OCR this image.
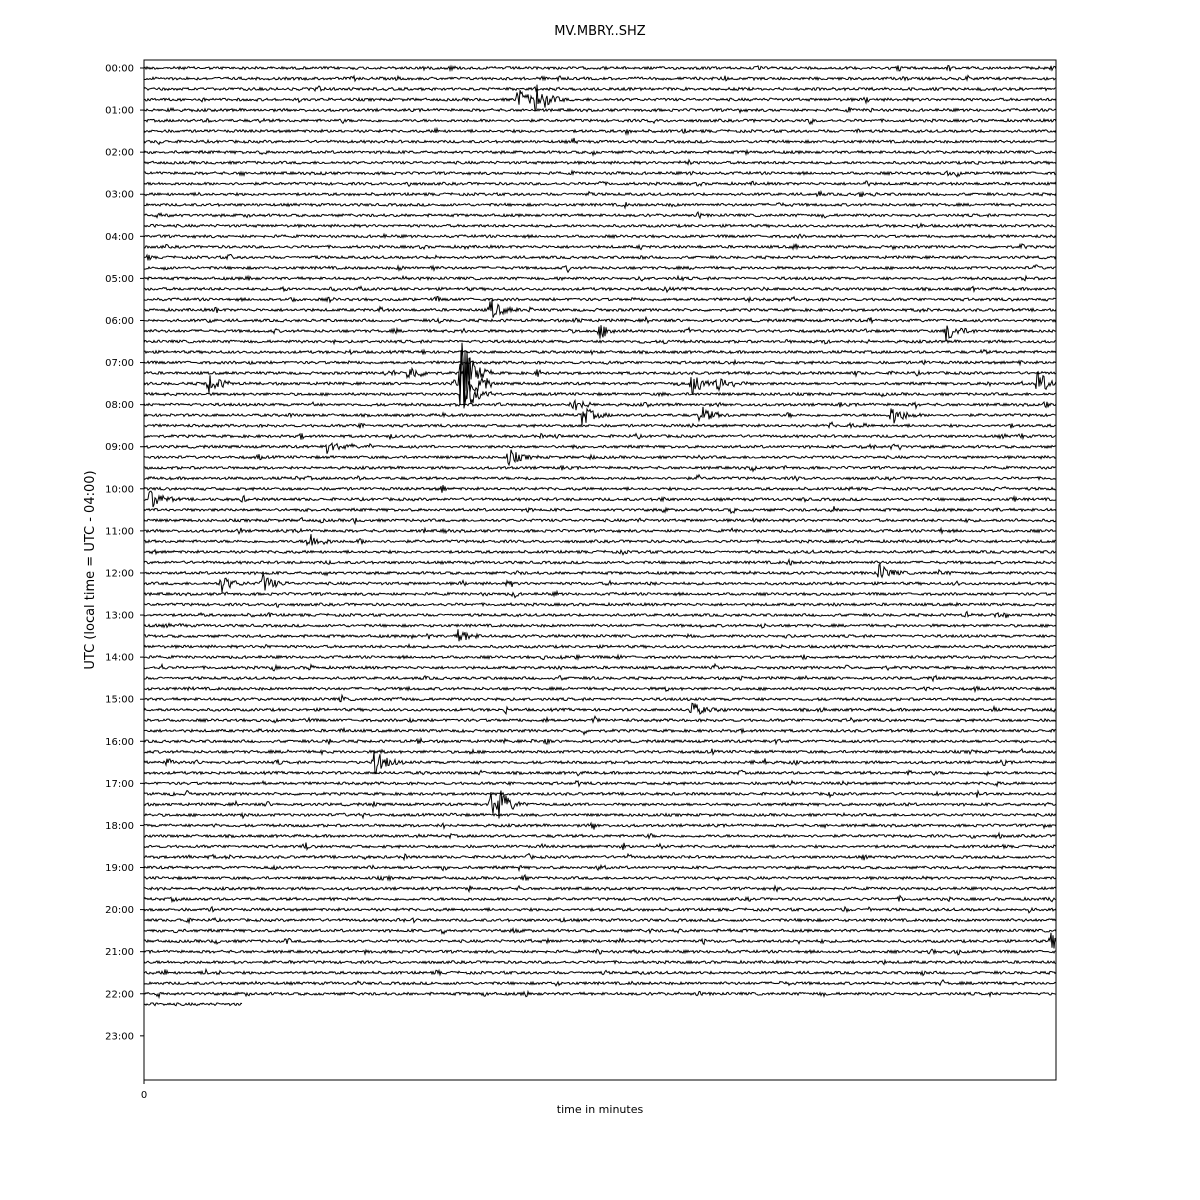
MV.MBRY..SHZ
00:00
01:00
02:00
03:00
04:00
05:00
06:00
07:00
08:00
09:00
10:00
11:00
12:00
13:00
14:00
15:00
16:00
17:00
18:00
19:00
20:00
21:00
22:00
23:00
0
time in minutes
UTC (local time = UTC - 04:00)
